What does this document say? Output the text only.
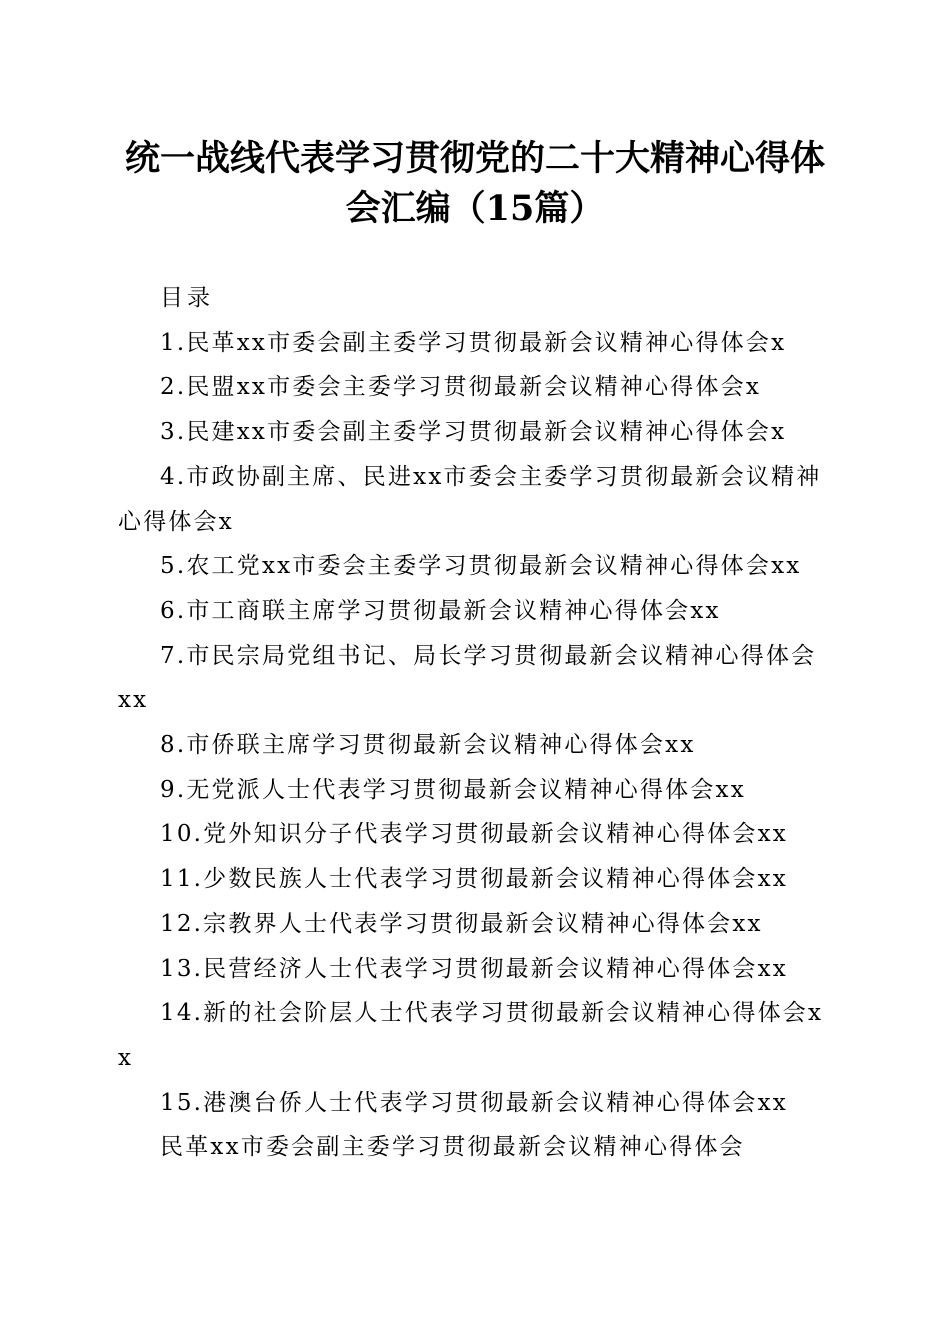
统一战线代表学习贯彻党的二十大精神心得体
会汇编（15篇）

目录

1.民革xx市委会副主委学习贯彻最新会议精神心得体会x

2.民盟xx市委会主委学习贯彻最新会议精神心得体会x

3.民建xx市委会副主委学习贯彻最新会议精神心得体会x

4.市政协副主席、民进xx市委会主委学习贯彻最新会议精神心得体会x

5.农工党xx市委会主委学习贯彻最新会议精神心得体会xx

6.市工商联主席学习贯彻最新会议精神心得体会xx

7.市民宗局党组书记、局长学习贯彻最新会议精神心得体会xx

8.市侨联主席学习贯彻最新会议精神心得体会xx

9.无党派人士代表学习贯彻最新会议精神心得体会xx

10.党外知识分子代表学习贯彻最新会议精神心得体会xx

11.少数民族人士代表学习贯彻最新会议精神心得体会xx

12.宗教界人士代表学习贯彻最新会议精神心得体会xx

13.民营经济人士代表学习贯彻最新会议精神心得体会xx

14.新的社会阶层人士代表学习贯彻最新会议精神心得体会xx

15.港澳台侨人士代表学习贯彻最新会议精神心得体会xx

民革xx市委会副主委学习贯彻最新会议精神心得体会
